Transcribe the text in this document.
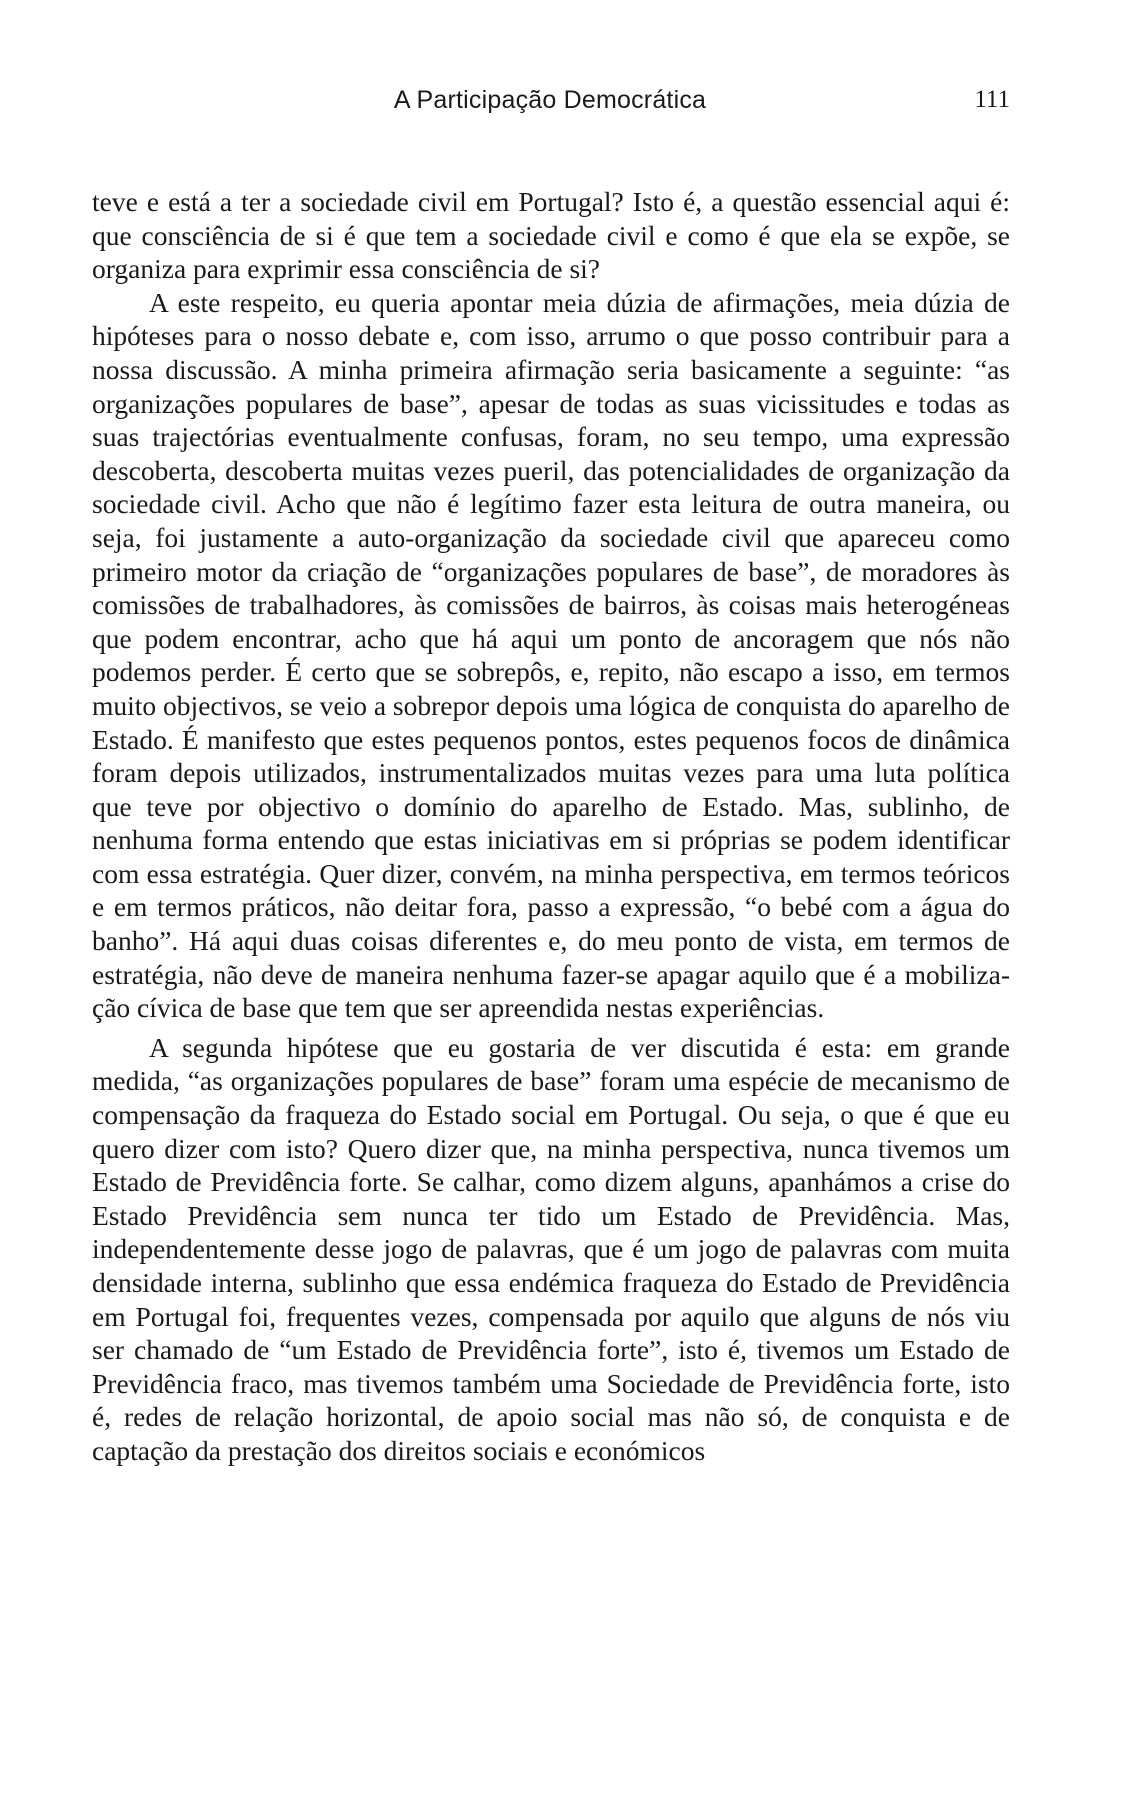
A Participação Democrática	111

teve e está a ter a sociedade civil em Portugal? Isto é, a questão essencial aqui é: que consciência de si é que tem a sociedade civil e como é que ela se expõe, se organiza para exprimir essa consciência de si?

A este respeito, eu queria apontar meia dúzia de afirmações, meia dúzia de hipóteses para o nosso debate e, com isso, arrumo o que posso contribuir para a nossa discussão. A minha primeira afirmação seria basicamente a seguinte: “as organizações populares de base”, apesar de todas as suas vicissitudes e todas as suas trajectórias eventualmente confusas, foram, no seu tempo, uma expressão descoberta, descoberta muitas vezes pueril, das potencialidades de organização da sociedade civil. Acho que não é legítimo fazer esta leitura de outra maneira, ou seja, foi justamente a auto-organização da sociedade civil que apareceu como primeiro motor da criação de “organizações populares de base”, de moradores às comissões de trabalhadores, às comissões de bairros, às coisas mais heterogéneas que podem encontrar, acho que há aqui um ponto de ancoragem que nós não podemos perder. É certo que se sobrepôs, e, repito, não escapo a isso, em termos muito objectivos, se veio a sobrepor depois uma lógica de conquista do aparelho de Estado. É manifesto que estes pequenos pontos, estes pequenos focos de dinâmica foram depois utilizados, instrumentalizados muitas vezes para uma luta política que teve por objectivo o domínio do aparelho de Estado. Mas, sublinho, de nenhuma forma entendo que estas iniciativas em si próprias se podem identificar com essa estratégia. Quer dizer, convém, na minha perspectiva, em termos teóricos e em termos práticos, não deitar fora, passo a expressão, “o bebé com a água do banho”. Há aqui duas coisas diferentes e, do meu ponto de vista, em termos de estratégia, não deve de maneira nenhuma fazer-se apagar aquilo que é a mobilização cívica de base que tem que ser apreendida nestas experiências.

A segunda hipótese que eu gostaria de ver discutida é esta: em grande medida, “as organizações populares de base” foram uma espécie de mecanismo de compensação da fraqueza do Estado social em Portugal. Ou seja, o que é que eu quero dizer com isto? Quero dizer que, na minha perspectiva, nunca tivemos um Estado de Previdência forte. Se calhar, como dizem alguns, apanhámos a crise do Estado Previdência sem nunca ter tido um Estado de Previdência. Mas, independentemente desse jogo de palavras, que é um jogo de palavras com muita densidade interna, sublinho que essa endémica fraqueza do Estado de Previdência em Portugal foi, frequentes vezes, compensada por aquilo que alguns de nós viu ser chamado de “um Estado de Previdência forte”, isto é, tivemos um Estado de Previdência fraco, mas tivemos também uma Sociedade de Previdência forte, isto é, redes de relação horizontal, de apoio social mas não só, de conquista e de captação da prestação dos direitos sociais e económicos
